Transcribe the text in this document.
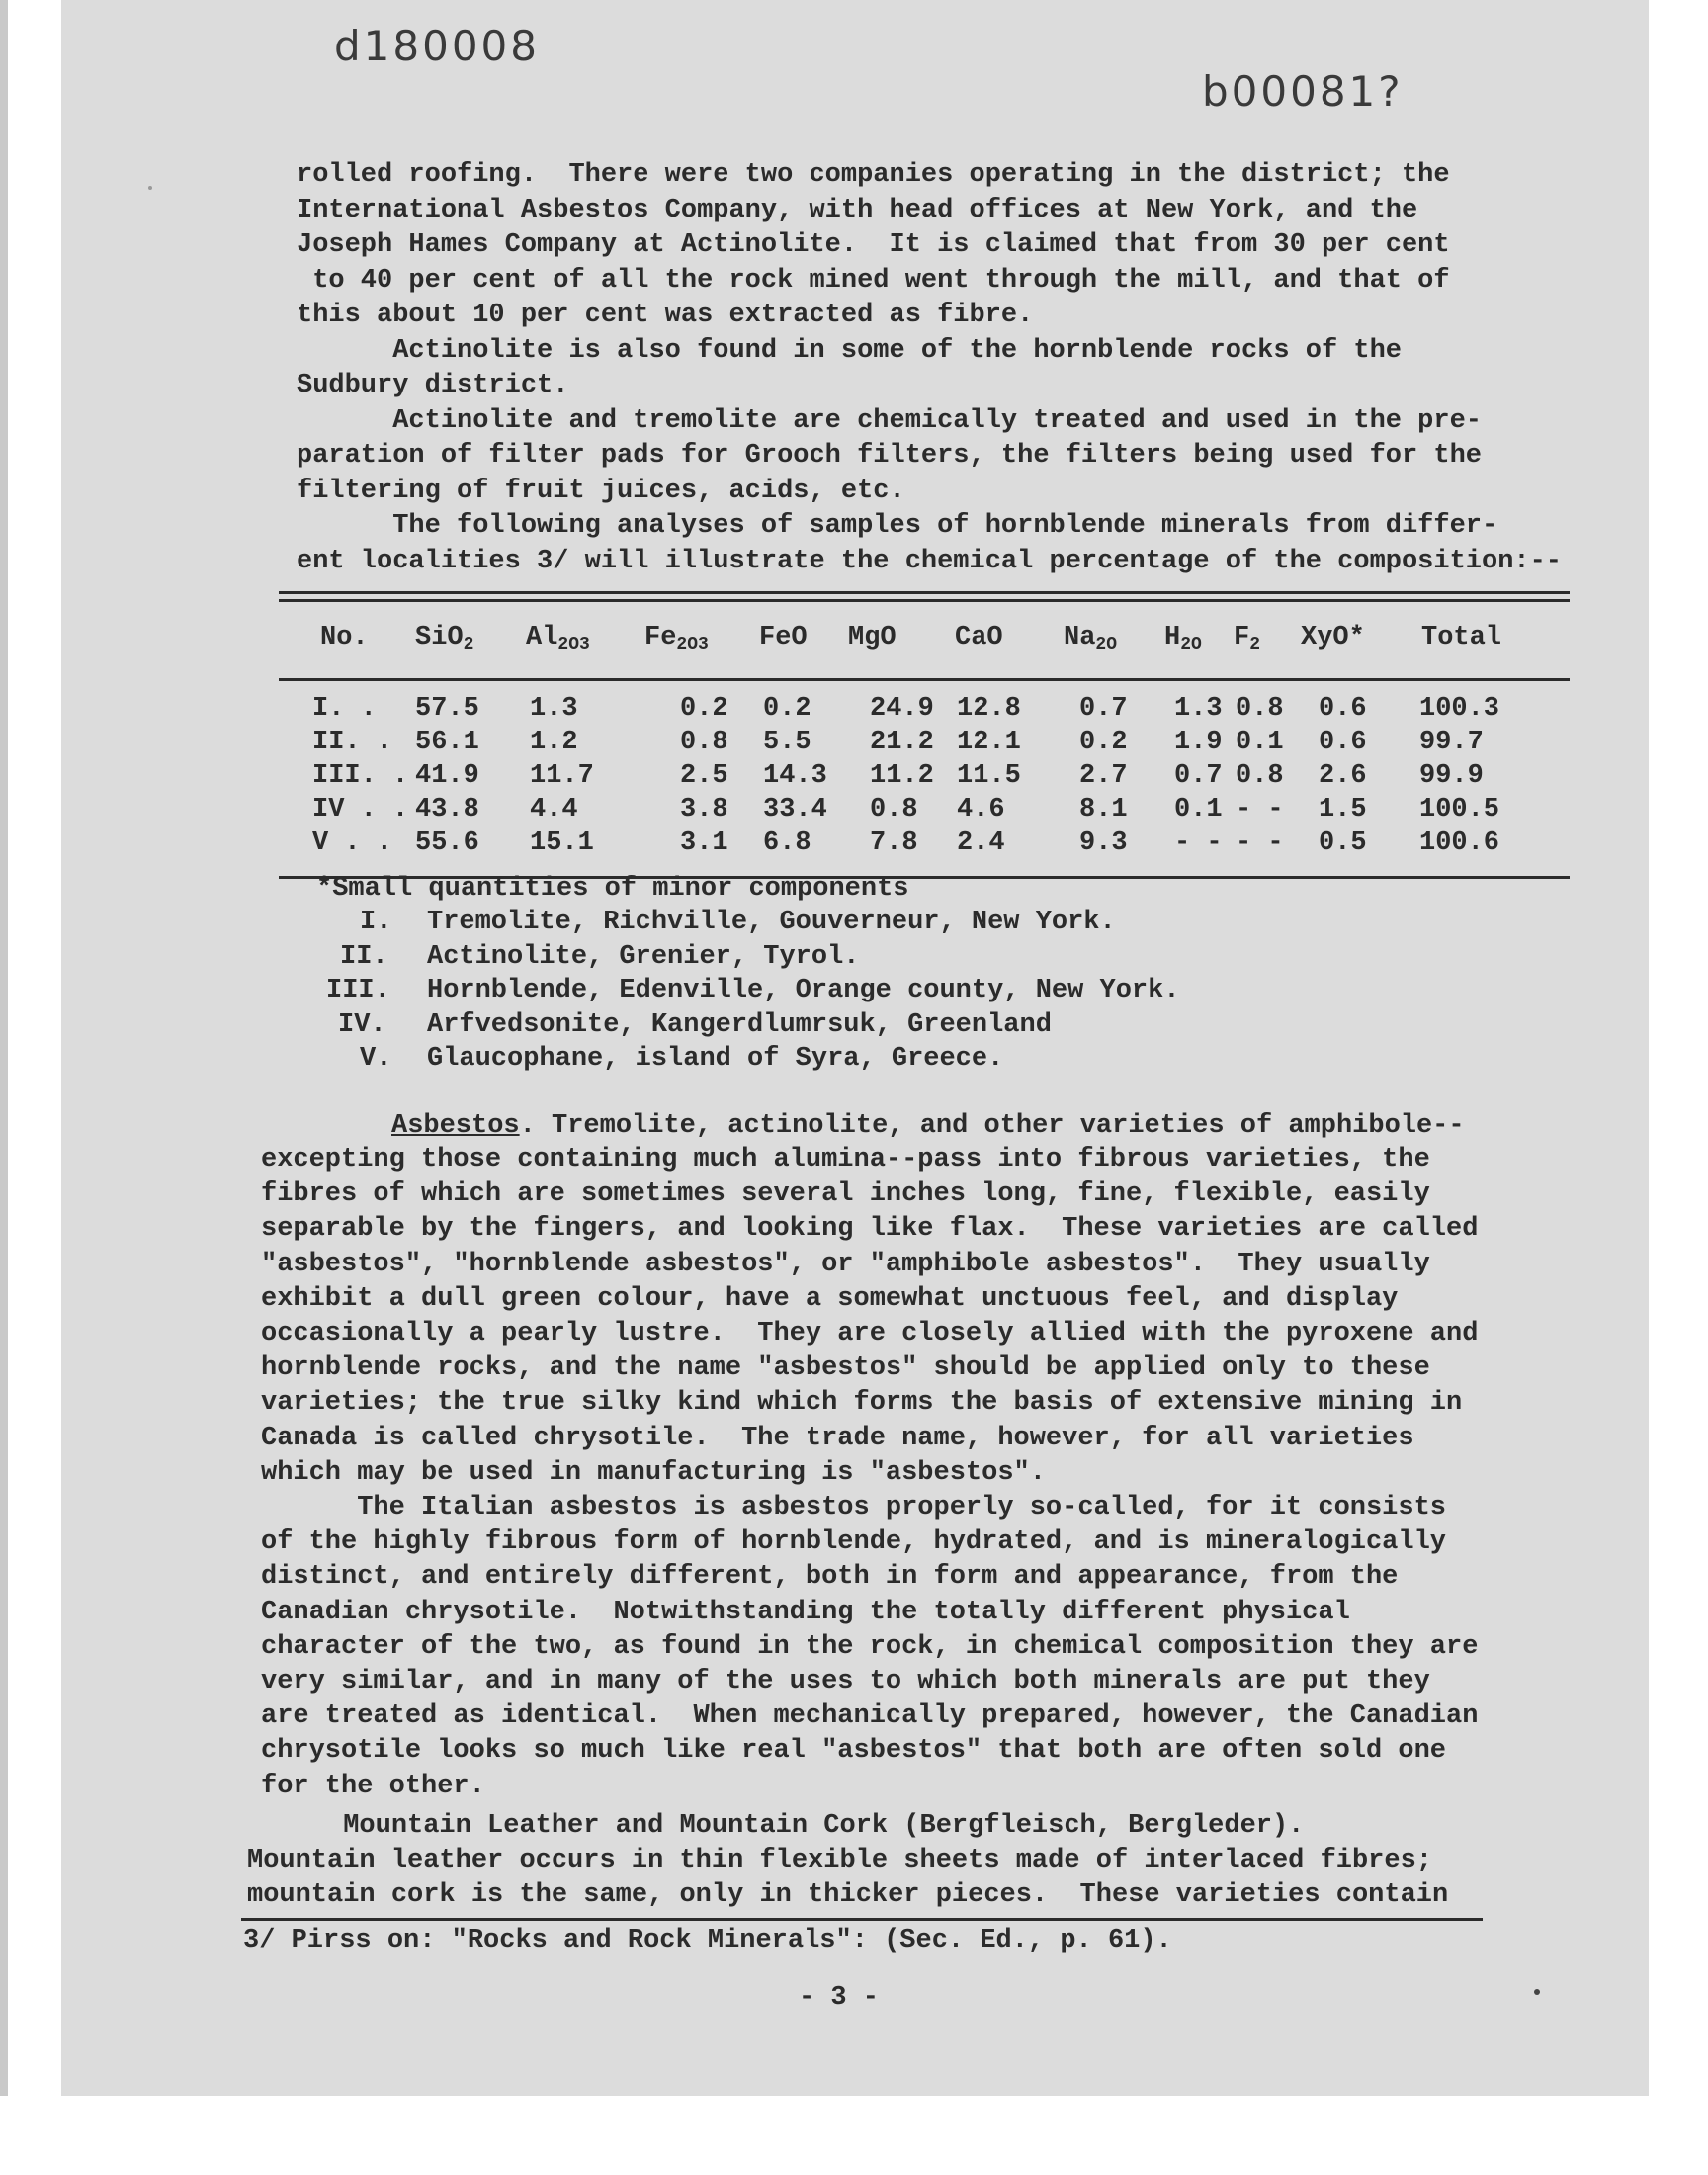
d180008
b00081?
rolled roofing.  There were two companies operating in the district; the
International Asbestos Company, with head offices at New York, and the
Joseph Hames Company at Actinolite.  It is claimed that from 30 per cent
to 40 per cent of all the rock mined went through the mill, and that of
this about 10 per cent was extracted as fibre.
Actinolite is also found in some of the hornblende rocks of the
Sudbury district.
Actinolite and tremolite are chemically treated and used in the pre-
paration of filter pads for Grooch filters, the filters being used for the
filtering of fruit juices, acids, etc.
The following analyses of samples of hornblende minerals from differ-
ent localities 3/ will illustrate the chemical percentage of the composition:--
No. SiO2 Al2O3 Fe2O3 FeO MgO CaO Na2O H2O F2 XyO* Total
I. . 57.5 1.3	0.2 0.2 24.9 12.8 0.7 1.3 0.8 0.6 100.3
II. . 56.1 1.2	0.8 5.5 21.2 12.1 0.2 1.9 0.1 0.6 99.7
III. . 41.9 11.7	2.5 14.3 11.2 11.5 2.7 0.7 0.8 2.6 99.9
IV . . 43.8 4.4	3.8 33.4 0.8 4.6	8.1 0.1 - - 1.5 100.5
V . . 55.6 15.1	3.1 6.8 7.8 2.4	9.3 - - - - 0.5 100.6
*Small quantities of minor components
I. Tremolite, Richville, Gouverneur, New York.
II. Actinolite, Grenier, Tyrol.
III. Hornblende, Edenville, Orange county, New York.
IV. Arfvedsonite, Kangerdlumrsuk, Greenland
V. Glaucophane, island of Syra, Greece.
Asbestos. Tremolite, actinolite, and other varieties of amphibole--
excepting those containing much alumina--pass into fibrous varieties, the
fibres of which are sometimes several inches long, fine, flexible, easily
separable by the fingers, and looking like flax.  These varieties are called
"asbestos", "hornblende asbestos", or "amphibole asbestos".  They usually
exhibit a dull green colour, have a somewhat unctuous feel, and display
occasionally a pearly lustre.  They are closely allied with the pyroxene and
hornblende rocks, and the name "asbestos" should be applied only to these
varieties; the true silky kind which forms the basis of extensive mining in
Canada is called chrysotile.  The trade name, however, for all varieties
which may be used in manufacturing is "asbestos".
The Italian asbestos is asbestos properly so-called, for it consists
of the highly fibrous form of hornblende, hydrated, and is mineralogically
distinct, and entirely different, both in form and appearance, from the
Canadian chrysotile.  Notwithstanding the totally different physical
character of the two, as found in the rock, in chemical composition they are
very similar, and in many of the uses to which both minerals are put they
are treated as identical.  When mechanically prepared, however, the Canadian
chrysotile looks so much like real "asbestos" that both are often sold one
for the other.
Mountain Leather and Mountain Cork (Bergfleisch, Bergleder).
Mountain leather occurs in thin flexible sheets made of interlaced fibres;
mountain cork is the same, only in thicker pieces.  These varieties contain
3/ Pirss on: "Rocks and Rock Minerals": (Sec. Ed., p. 61).
- 3 -
